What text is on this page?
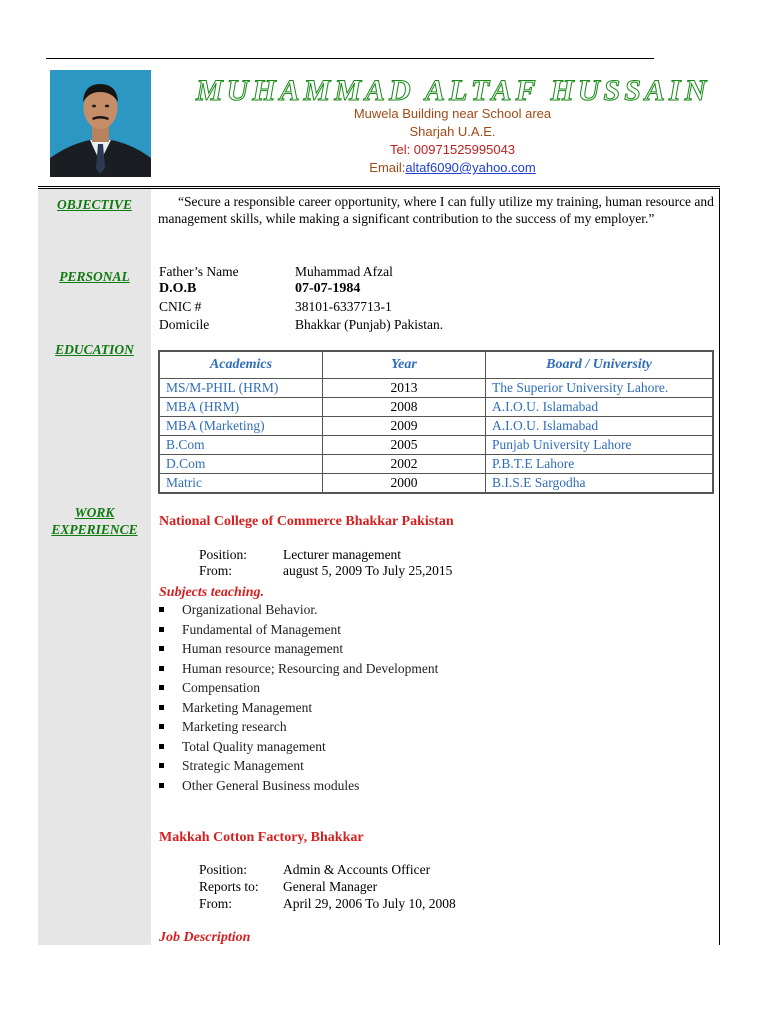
MUHAMMAD ALTAF HUSSAIN
Muwela Building near School area
Sharjah U.A.E.
Tel: 00971525995043
Email:altaf6090@yahoo.com
OBJECTIVE
PERSONAL
EDUCATION
WORK
EXPERIENCE
“Secure a responsible career opportunity, where I can fully utilize my training, human resource and management skills, while making a significant contribution to the success of my employer.”
Father’s Name	Muhammad Afzal
D.O.B	07-07-1984
CNIC #	38101-6337713-1
Domicile	Bhakkar (Punjab) Pakistan.
Academics	Year	Board / University
MS/M-PHIL (HRM)	2013	The Superior University Lahore.
MBA (HRM)	2008	A.I.O.U. Islamabad
MBA (Marketing)	2009	A.I.O.U. Islamabad
B.Com	2005	Punjab University Lahore
D.Com	2002	P.B.T.E Lahore
Matric	2000	B.I.S.E Sargodha
National College of Commerce Bhakkar Pakistan
Position:	Lecturer management
From:	august 5, 2009 To July 25,2015
Subjects teaching.
Organizational Behavior.
Fundamental of Management
Human resource management
Human resource; Resourcing and Development
Compensation
Marketing Management
Marketing research
Total Quality management
Strategic Management
Other General Business modules
Makkah Cotton Factory, Bhakkar
Position:	Admin & Accounts Officer
Reports to: General Manager
From:	April 29, 2006 To July 10, 2008
Job Description
